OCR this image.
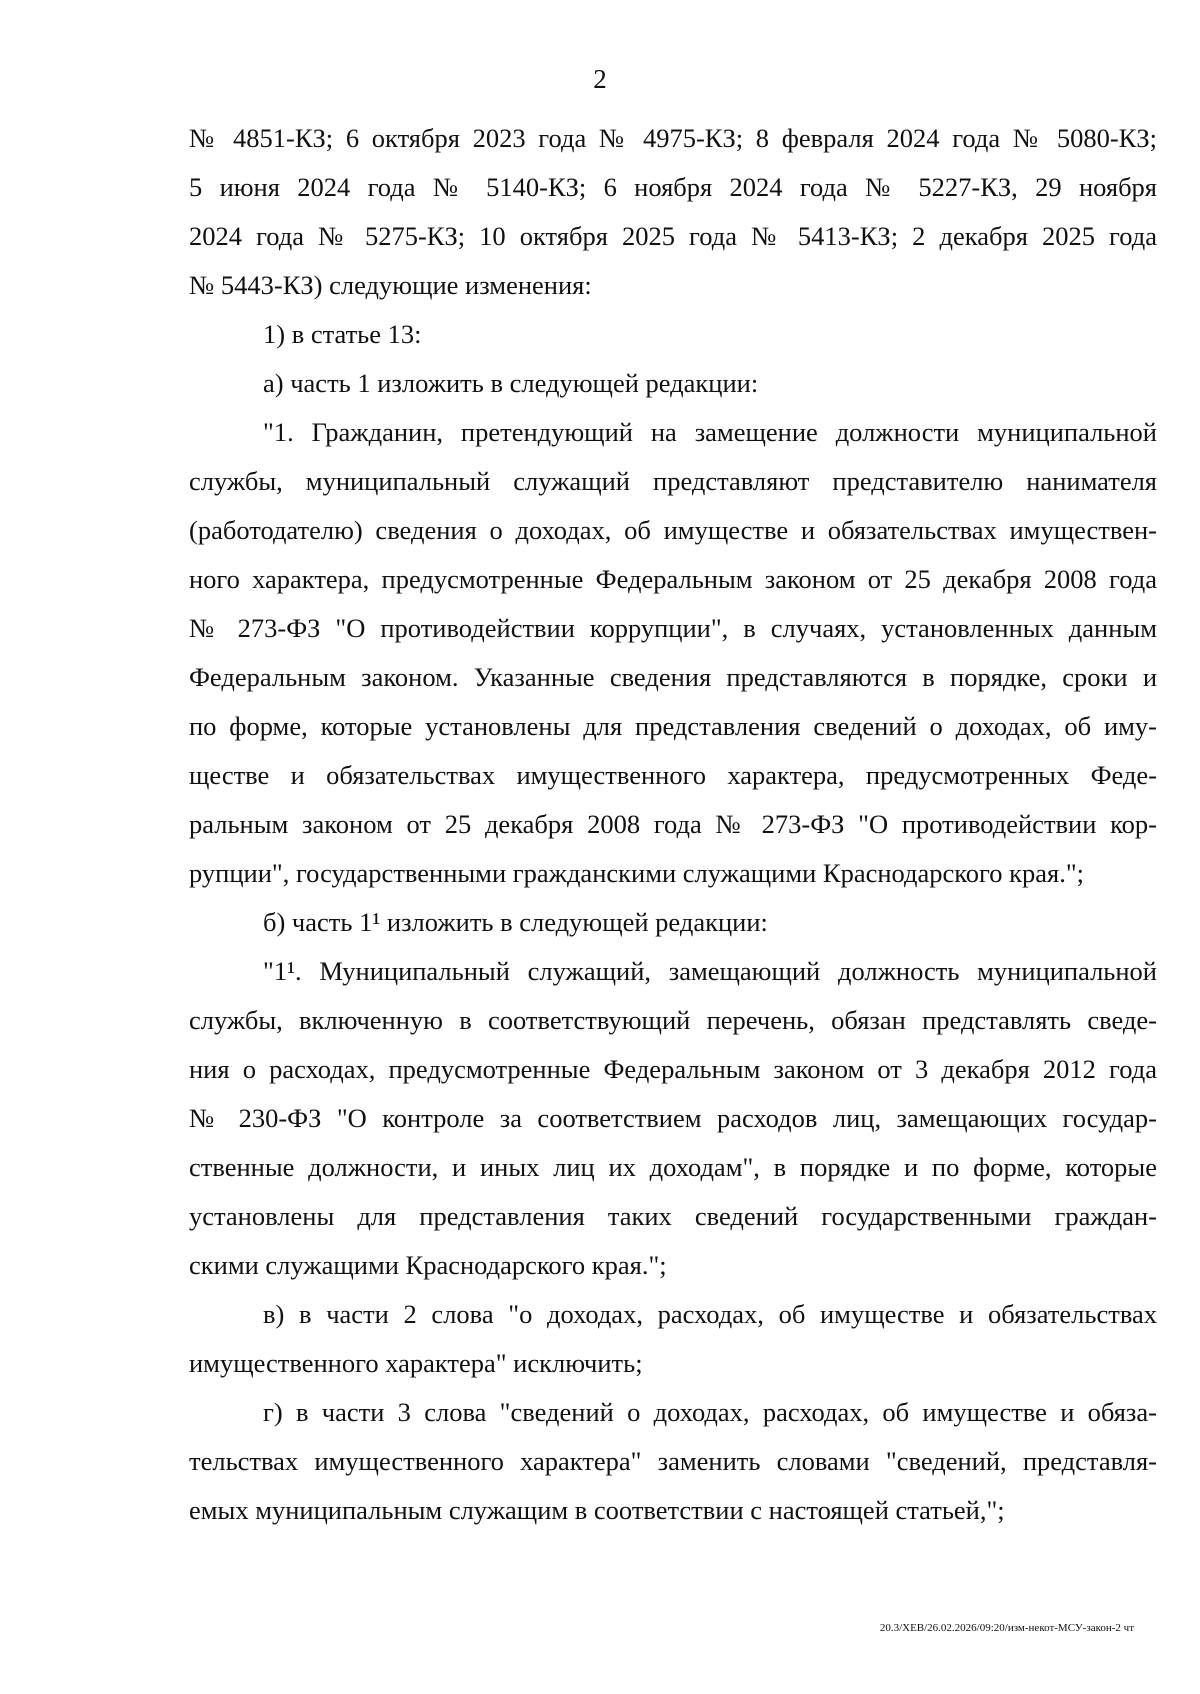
2
№ 4851-КЗ; 6 октября 2023 года № 4975-КЗ; 8 февраля 2024 года № 5080-КЗ;
5 июня 2024 года № 5140-КЗ; 6 ноября 2024 года № 5227-КЗ, 29 ноября
2024 года № 5275-КЗ; 10 октября 2025 года № 5413-КЗ; 2 декабря 2025 года
№ 5443-КЗ) следующие изменения:
1) в статье 13:
а) часть 1 изложить в следующей редакции:
"1. Гражданин, претендующий на замещение должности муниципальной
службы, муниципальный служащий представляют представителю нанимателя
(работодателю) сведения о доходах, об имуществе и обязательствах имуществен-
ного характера, предусмотренные Федеральным законом от 25 декабря 2008 года
№ 273-ФЗ "О противодействии коррупции", в случаях, установленных данным
Федеральным законом. Указанные сведения представляются в порядке, сроки и
по форме, которые установлены для представления сведений о доходах, об иму-
ществе и обязательствах имущественного характера, предусмотренных Феде-
ральным законом от 25 декабря 2008 года № 273-ФЗ "О противодействии кор-
рупции", государственными гражданскими служащими Краснодарского края.";
б) часть 1¹ изложить в следующей редакции:
"1¹. Муниципальный служащий, замещающий должность муниципальной
службы, включенную в соответствующий перечень, обязан представлять сведе-
ния о расходах, предусмотренные Федеральным законом от 3 декабря 2012 года
№ 230-ФЗ "О контроле за соответствием расходов лиц, замещающих государ-
ственные должности, и иных лиц их доходам", в порядке и по форме, которые
установлены для представления таких сведений государственными граждан-
скими служащими Краснодарского края.";
в) в части 2 слова "о доходах, расходах, об имуществе и обязательствах
имущественного характера" исключить;
г) в части 3 слова "сведений о доходах, расходах, об имуществе и обяза-
тельствах имущественного характера" заменить словами "сведений, представля-
емых муниципальным служащим в соответствии с настоящей статьей,";
20.3/ХЕВ/26.02.2026/09:20/изм-некот-МСУ-закон-2 чт
